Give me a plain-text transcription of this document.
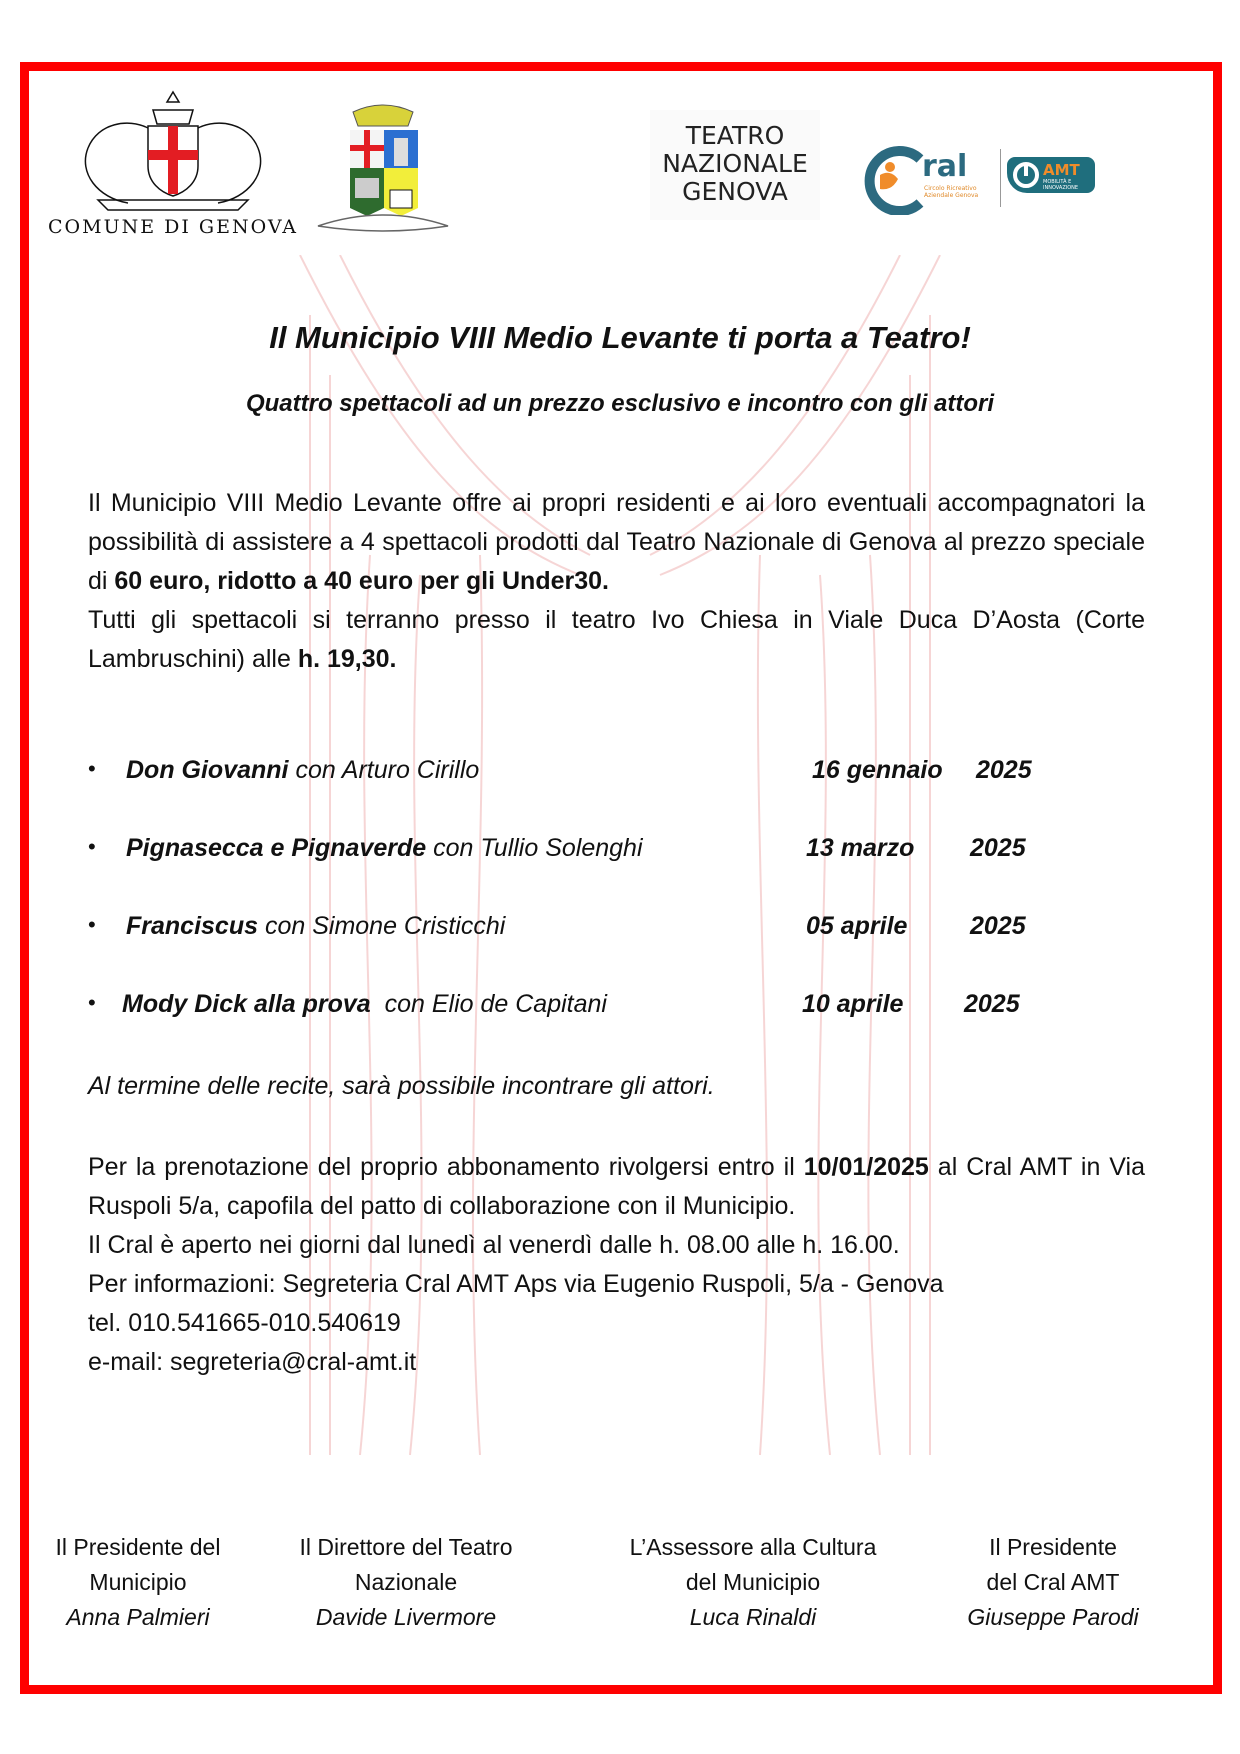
COMUNE DI GENOVA
TEATRO
NAZIONALE
GENOVA
ral
Circolo Ricreativo
Aziendale Genova
AMT
MOBILITÀ E
INNOVAZIONE
Il Municipio VIII Medio Levante ti porta a Teatro!
Quattro spettacoli ad un prezzo esclusivo e incontro con gli attori

Il Municipio VIII Medio Levante offre ai propri residenti e ai loro eventuali accompagnatori la possibilità di assistere a 4 spettacoli prodotti dal Teatro Nazionale di Genova al prezzo speciale di 60 euro, ridotto a 40 euro per gli Under30.

Tutti gli spettacoli si terranno presso il teatro Ivo Chiesa in Viale Duca D’Aosta (Corte Lambruschini) alle h. 19,30.

• Don Giovanni con Arturo Cirillo	16 gennaio 2025
• Pignasecca e Pignaverde con Tullio Solenghi	13 marzo 2025
• Franciscus con Simone Cristicchi	05 aprile	2025
• Mody Dick alla prova  con Elio de Capitani	10 aprile 2025
Al termine delle recite, sarà possibile incontrare gli attori.

Per la prenotazione del proprio abbonamento rivolgersi entro il 10/01/2025 al Cral AMT in Via Ruspoli 5/a, capofila del patto di collaborazione con il Municipio.

Il Cral è aperto nei giorni dal lunedì al venerdì dalle h. 08.00 alle h. 16.00.

Per informazioni: Segreteria Cral AMT Aps via Eugenio Ruspoli, 5/a - Genova

tel. 010.541665-010.540619

e-mail: segreteria@cral-amt.it

Il Presidente del
Municipio
Anna Palmieri
Il Direttore del Teatro
Nazionale
Davide Livermore
L’Assessore alla Cultura
del Municipio
Luca Rinaldi
Il Presidente
del Cral AMT
Giuseppe Parodi
